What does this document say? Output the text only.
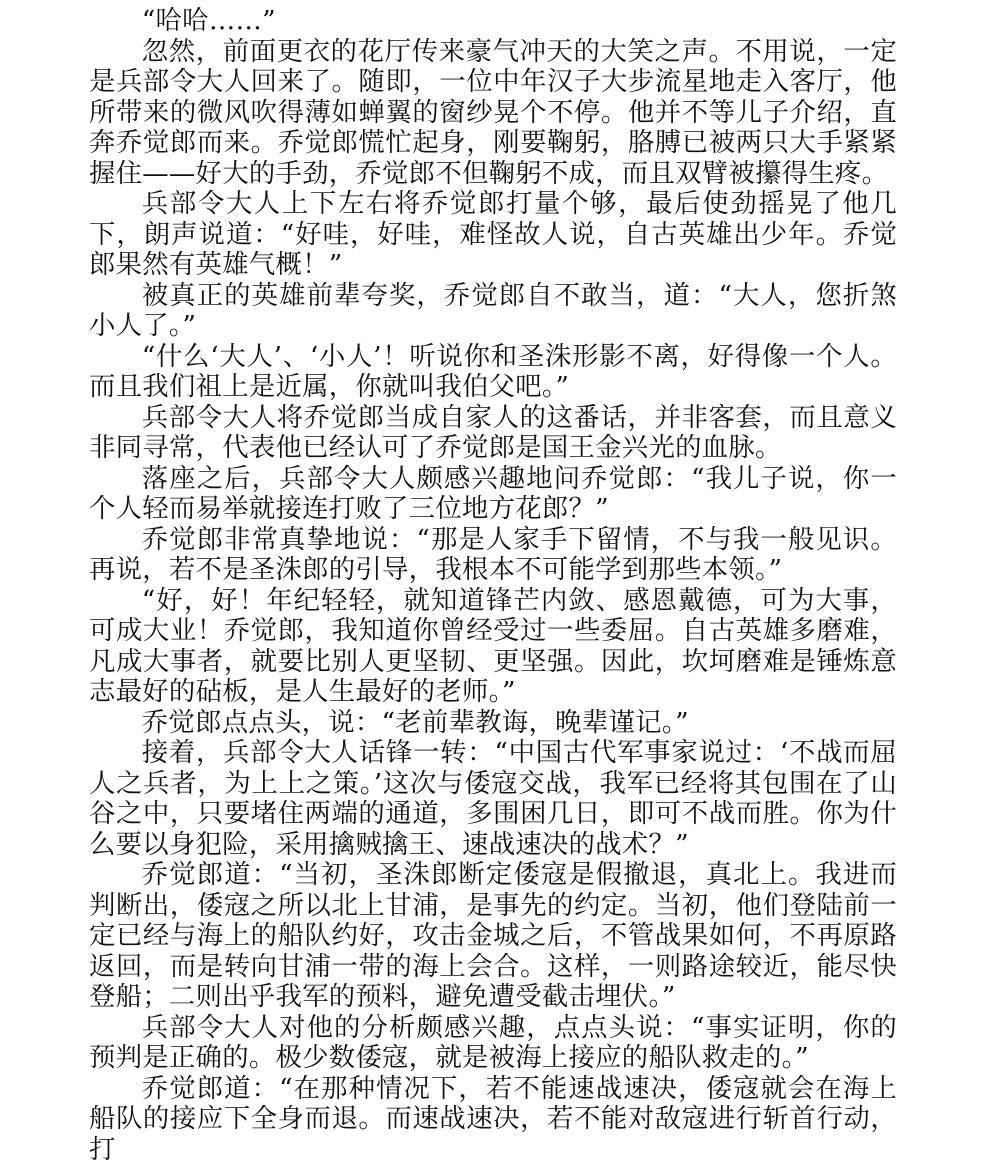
“哈哈……”

忽然，前面更衣的花厅传来豪气冲天的大笑之声。不用说，一定是兵部令大人回来了。随即，一位中年汉子大步流星地走入客厅，他所带来的微风吹得薄如蝉翼的窗纱晃个不停。他并不等儿子介绍，直奔乔觉郎而来。乔觉郎慌忙起身，刚要鞠躬，胳膊已被两只大手紧紧握住——好大的手劲，乔觉郎不但鞠躬不成，而且双臂被攥得生疼。

兵部令大人上下左右将乔觉郎打量个够，最后使劲摇晃了他几下，朗声说道：“好哇，好哇，难怪故人说，自古英雄出少年。乔觉郎果然有英雄气概！”

被真正的英雄前辈夸奖，乔觉郎自不敢当，道：“大人，您折煞小人了。”

“什么‘大人’、‘小人’！听说你和圣洙形影不离，好得像一个人。而且我们祖上是近属，你就叫我伯父吧。”

兵部令大人将乔觉郎当成自家人的这番话，并非客套，而且意义非同寻常，代表他已经认可了乔觉郎是国王金兴光的血脉。

落座之后，兵部令大人颇感兴趣地问乔觉郎：“我儿子说，你一个人轻而易举就接连打败了三位地方花郎？”

乔觉郎非常真挚地说：“那是人家手下留情，不与我一般见识。再说，若不是圣洙郎的引导，我根本不可能学到那些本领。”

“好，好！年纪轻轻，就知道锋芒内敛、感恩戴德，可为大事，可成大业！乔觉郎，我知道你曾经受过一些委屈。自古英雄多磨难，凡成大事者，就要比别人更坚韧、更坚强。因此，坎坷磨难是锤炼意志最好的砧板，是人生最好的老师。”

乔觉郎点点头，说：“老前辈教诲，晚辈谨记。”

接着，兵部令大人话锋一转：“中国古代军事家说过：‘不战而屈人之兵者，为上上之策。’这次与倭寇交战，我军已经将其包围在了山谷之中，只要堵住两端的通道，多围困几日，即可不战而胜。你为什么要以身犯险，采用擒贼擒王、速战速决的战术？”

乔觉郎道：“当初，圣洙郎断定倭寇是假撤退，真北上。我进而判断出，倭寇之所以北上甘浦，是事先的约定。当初，他们登陆前一定已经与海上的船队约好，攻击金城之后，不管战果如何，不再原路返回，而是转向甘浦一带的海上会合。这样，一则路途较近，能尽快登船；二则出乎我军的预料，避免遭受截击埋伏。”

兵部令大人对他的分析颇感兴趣，点点头说：“事实证明，你的预判是正确的。极少数倭寇，就是被海上接应的船队救走的。”

乔觉郎道：“在那种情况下，若不能速战速决，倭寇就会在海上船队的接应下全身而退。而速战速决，若不能对敌寇进行斩首行动，打
